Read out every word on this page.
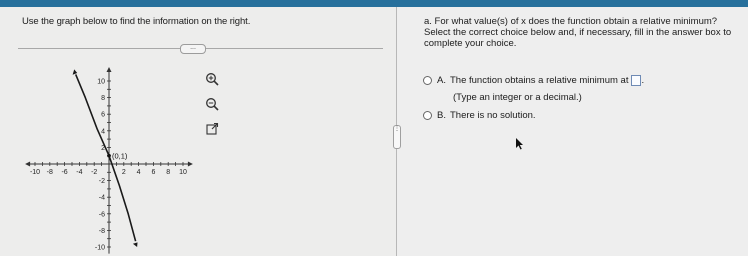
Use the graph below to find the information on the right.
...
-10 -8 -6 -4 -2	2 4 6 8 10
10
8
6
4
2
-2
-4
-6
-8
-10
(0,1)
⋮
a. For what value(s) of x does the function obtain a relative minimum?
Select the correct choice below and, if necessary, fill in the answer box to
complete your choice.
A. The function obtains a relative minimum at .
(Type an integer or a decimal.)
B. There is no solution.
